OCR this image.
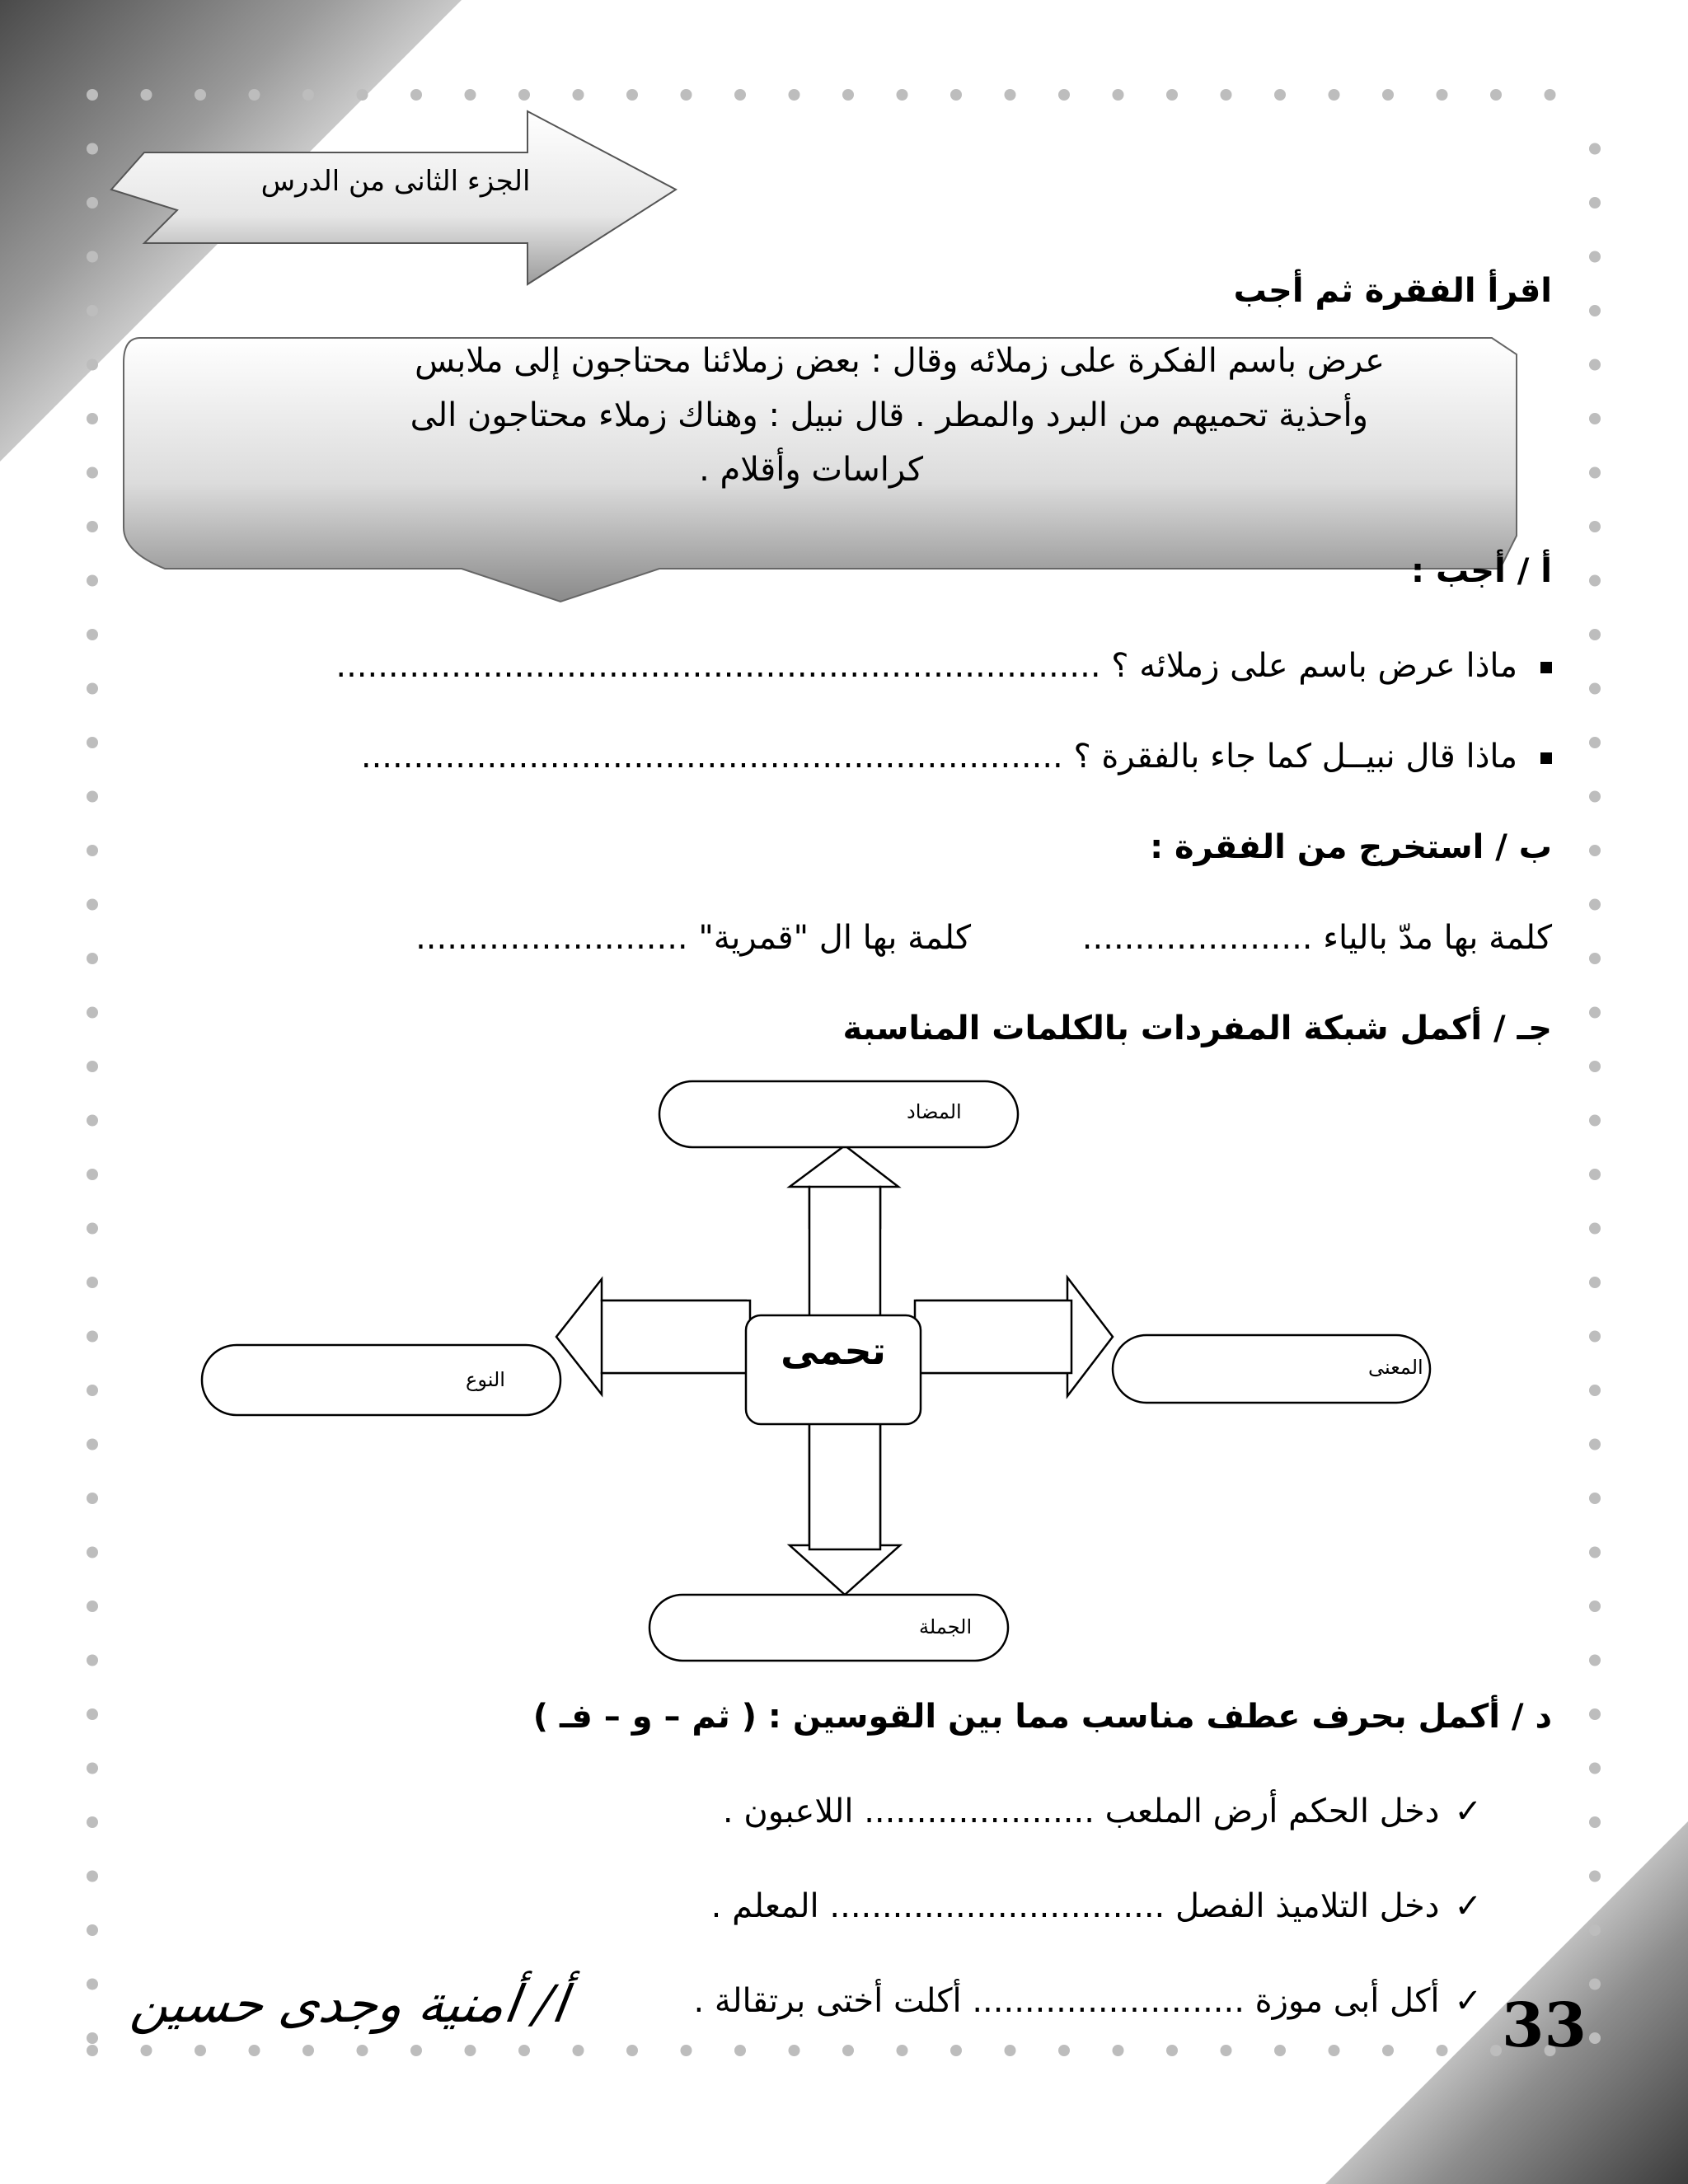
الجزء الثانى من الدرس
اقرأ الفقرة ثم أجب

عرض باسم الفكرة على زملائه وقال : بعض زملائنا محتاجون إلى ملابس

وأحذية تحميهم من البرد والمطر . قال نبيل : وهناك زملاء محتاجون الى

كراسات وأقلام .

أ / أجب :
ماذا عرض باسم على زملائه ؟ .........................................................................
ماذا قال نبيــل كما جاء بالفقرة ؟ ...................................................................
ب / استخرج من الفقرة :
كلمة بها مدّ بالياء ......................
كلمة بها ال "قمرية" ..........................
جـ / أكمل شبكة المفردات بالكلمات المناسبة
المضاد
النوع
المعنى
الجملة
تحمى
د / أكمل بحرف عطف مناسب مما بين القوسين : ( ثم – و – فـ )
✓دخل الحكم أرض الملعب ...................... اللاعبون .
✓دخل التلاميذ الفصل ................................ المعلم .
✓أكل أبى موزة .......................... أكلت أختى برتقالة .
أ/ أمنية وجدى حسين	33
